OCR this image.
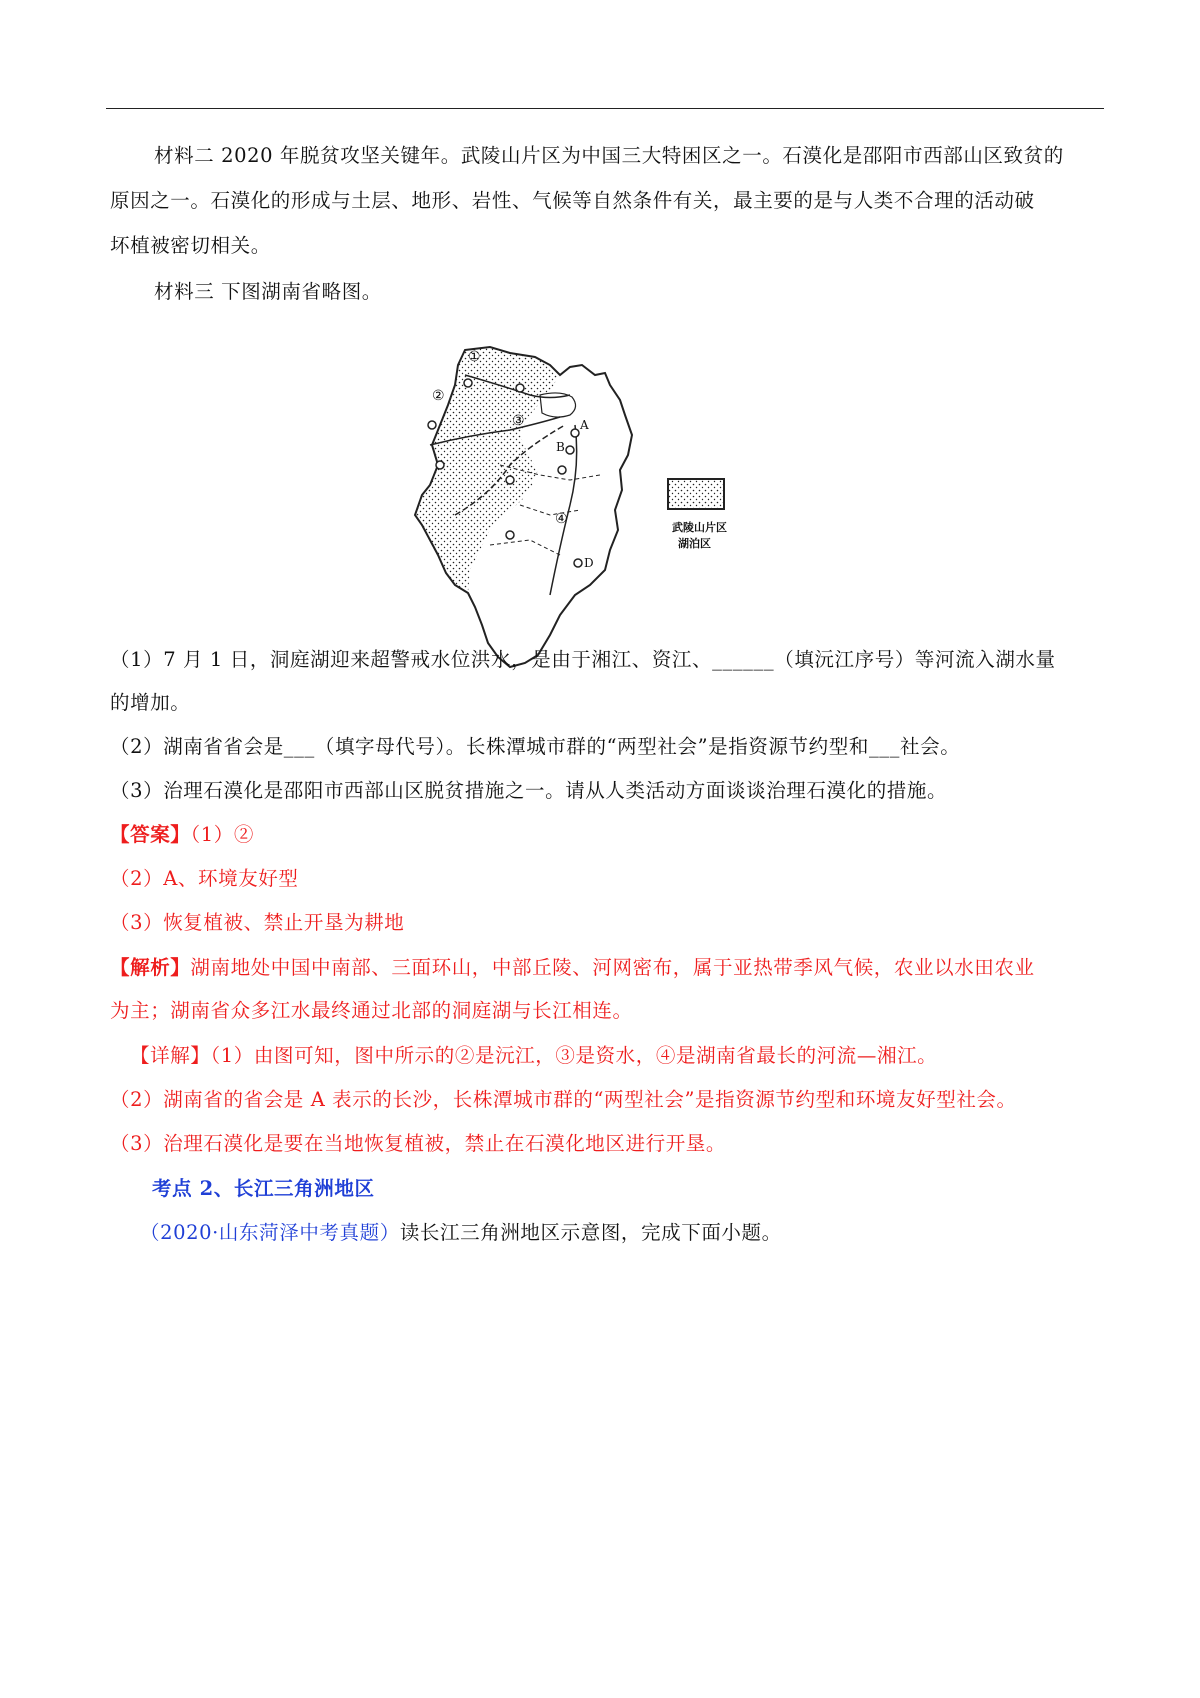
材料二 2020 年脱贫攻坚关键年。武陵山片区为中国三大特困区之一。石漠化是邵阳市西部山区致贫的
原因之一。石漠化的形成与土层、地形、岩性、气候等自然条件有关，最主要的是与人类不合理的活动破
坏植被密切相关。
材料三 下图湖南省略图。
①
②
③
④
A
B
D
武陵山片区
湖泊区
（1）7 月 1 日，洞庭湖迎来超警戒水位洪水，是由于湘江、资江、______（填沅江序号）等河流入湖水量
的增加。
（2）湖南省省会是___（填字母代号）。长株潭城市群的“两型社会”是指资源节约型和___社会。
（3）治理石漠化是邵阳市西部山区脱贫措施之一。请从人类活动方面谈谈治理石漠化的措施。
【答案】（1）②
（2）A、环境友好型
（3）恢复植被、禁止开垦为耕地
【解析】湖南地处中国中南部、三面环山，中部丘陵、河网密布，属于亚热带季风气候，农业以水田农业
为主；湖南省众多江水最终通过北部的洞庭湖与长江相连。
【详解】（1）由图可知，图中所示的②是沅江，③是资水，④是湖南省最长的河流—湘江。
（2）湖南省的省会是 A 表示的长沙，长株潭城市群的“两型社会”是指资源节约型和环境友好型社会。
（3）治理石漠化是要在当地恢复植被，禁止在石漠化地区进行开垦。
考点 2、长江三角洲地区
（2020·山东菏泽中考真题）读长江三角洲地区示意图，完成下面小题。
